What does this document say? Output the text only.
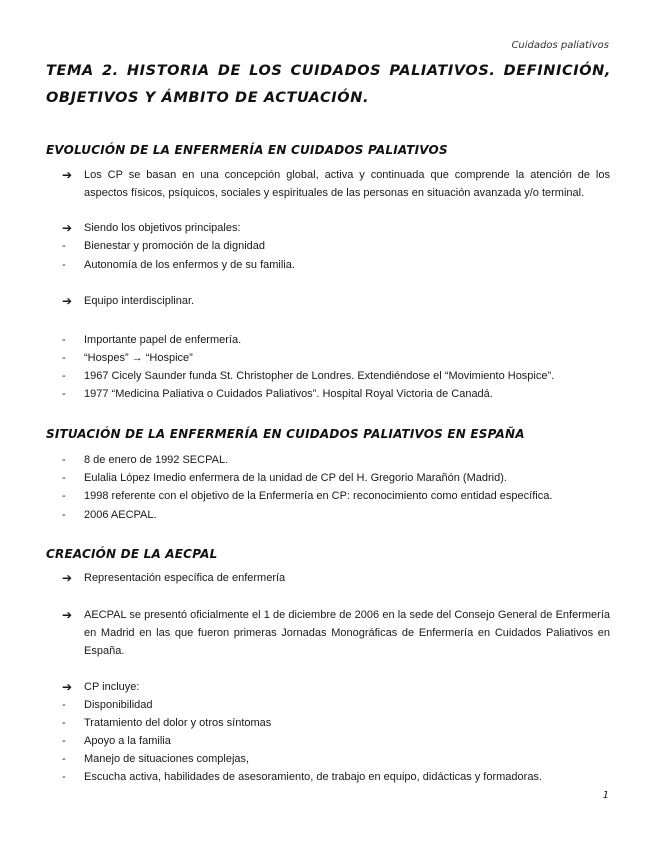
Cuidados paliativos
TEMA 2. HISTORIA DE LOS CUIDADOS PALIATIVOS. DEFINICIÓN, OBJETIVOS Y ÁMBITO DE ACTUACIÓN.
EVOLUCIÓN DE LA ENFERMERÍA EN CUIDADOS PALIATIVOS
➔	Los CP se basan en una concepción global, activa y continuada que comprende la atención de los aspectos físicos, psíquicos, sociales y espirituales de las personas en situación avanzada y/o terminal.
➔	Siendo los objetivos principales:
-	Bienestar y promoción de la dignidad
-	Autonomía de los enfermos y de su familia.
➔	Equipo interdisciplinar.
-	Importante papel de enfermería.
-	“Hospes” → “Hospice”
-	1967 Cicely Saunder funda St. Christopher de Londres. Extendiéndose el “Movimiento Hospice”.
-	1977 “Medicina Paliativa o Cuidados Paliativos”. Hospital Royal Victoria de Canadá.
SITUACIÓN DE LA ENFERMERÍA EN CUIDADOS PALIATIVOS EN ESPAÑA
-	8 de enero de 1992 SECPAL.
-	Eulalia López Imedio enfermera de la unidad de CP del H. Gregorio Marañón (Madrid).
-	1998 referente con el objetivo de la Enfermería en CP: reconocimiento como entidad específica.
-	2006 AECPAL.
CREACIÓN DE LA AECPAL
➔	Representación específica de enfermería
➔	AECPAL se presentó oficialmente el 1 de diciembre de 2006 en la sede del Consejo General de Enfermería en Madrid en las que fueron primeras Jornadas Monográficas de Enfermería en Cuidados Paliativos en España.
➔	CP incluye:
-	Disponibilidad
-	Tratamiento del dolor y otros síntomas
-	Apoyo a la familia
-	Manejo de situaciones complejas,
-	Escucha activa, habilidades de asesoramiento, de trabajo en equipo, didácticas y formadoras.
1
